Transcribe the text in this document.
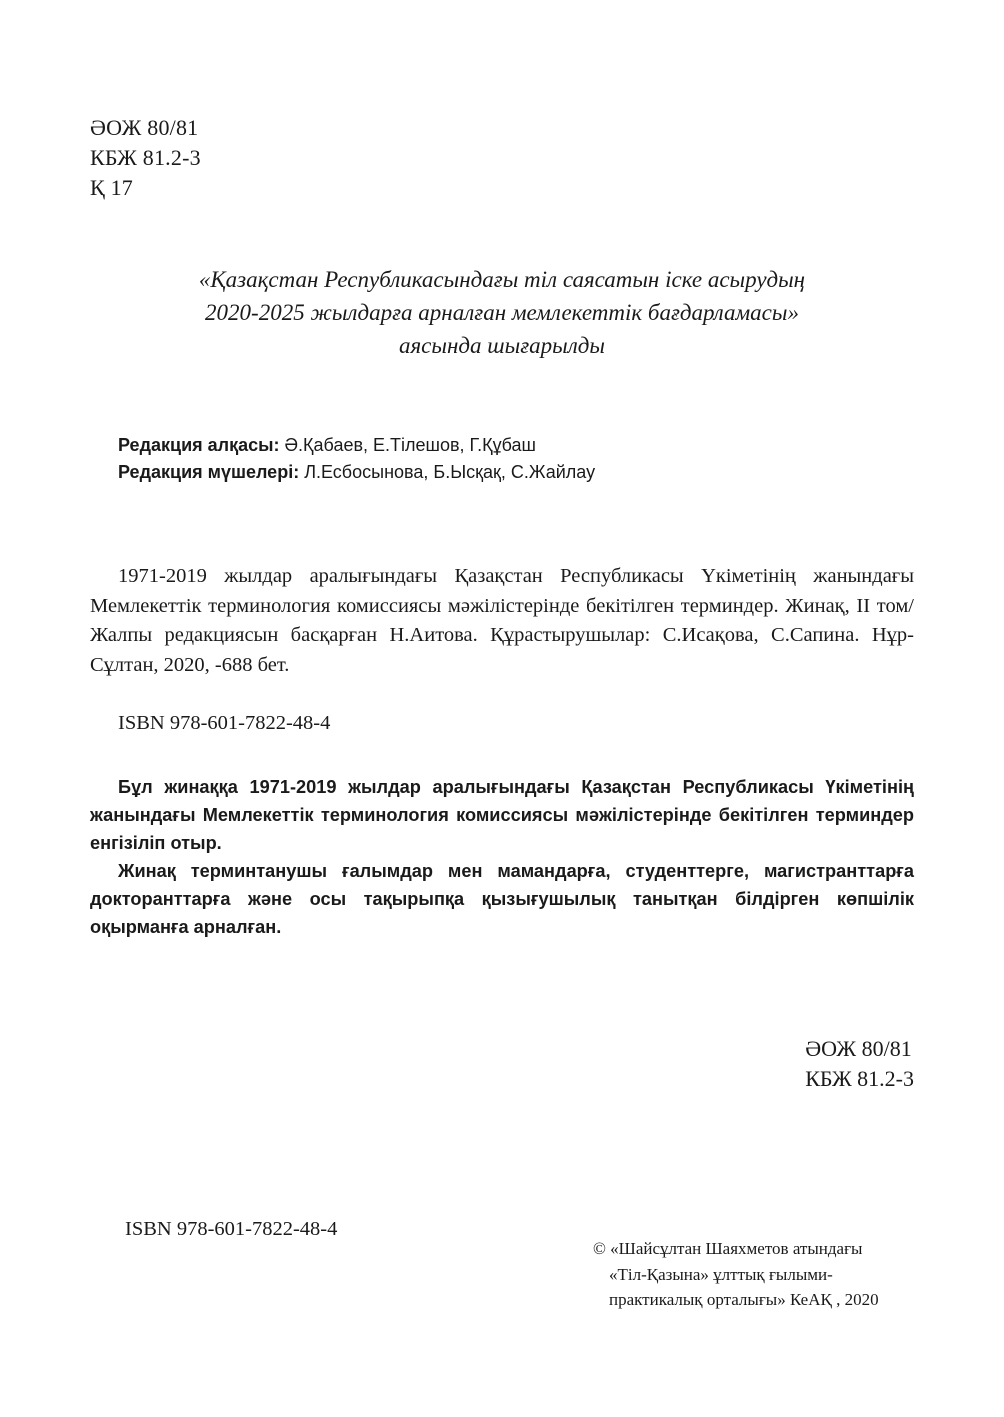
ӘОЖ 80/81
КБЖ 81.2-3
Қ 17
«Қазақстан Республикасындағы тіл саясатын іске асырудың
2020-2025 жылдарға арналған мемлекеттік бағдарламасы»
аясында шығарылды
Редакция алқасы: Ә.Қабаев, Е.Тілешов, Г.Құбаш
Редакция мүшелері: Л.Есбосынова, Б.Ысқақ, С.Жайлау
1971-2019 жылдар аралығындағы Қазақстан Республикасы Үкіметінің жанындағы Мемлекеттік терминология комиссиясы мәжілістерінде бекітілген терминдер. Жинақ, ІІ том/ Жалпы редакциясын басқарған Н.Аитова. Құрастырушылар: С.Исақова, С.Сапина. Нұр-Сұлтан, 2020, -688 бет.
ISBN 978-601-7822-48-4

Бұл жинаққа 1971-2019 жылдар аралығындағы Қазақстан Республикасы Үкіметінің жанындағы Мемлекеттік терминология комиссиясы мәжілістерінде бекітілген терминдер енгізіліп отыр.

Жинақ терминтанушы ғалымдар мен мамандарға, студенттерге, магистранттарға докторанттарға және осы тақырыпқа қызығушылық танытқан білдірген көпшілік оқырманға арналған.

ӘОЖ 80/81
КБЖ 81.2-3
ISBN 978-601-7822-48-4
© «Шайсұлтан Шаяхметов атындағы
«Тіл-Қазына» ұлттық ғылыми-
практикалық орталығы» КеАҚ , 2020
